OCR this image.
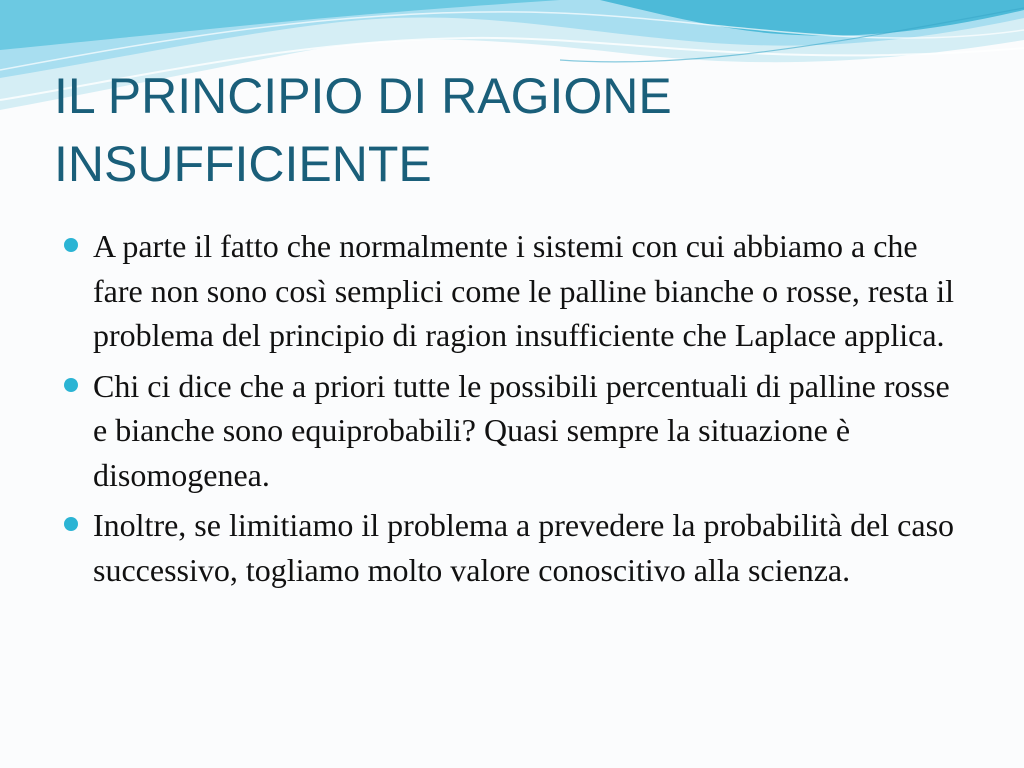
IL PRINCIPIO DI RAGIONE INSUFFICIENTE
A parte il fatto che normalmente i sistemi con cui abbiamo a che fare non sono così semplici come le palline bianche o rosse, resta il problema del principio di ragion insufficiente che Laplace applica.
Chi ci dice che a priori tutte le possibili percentuali di palline rosse e bianche sono equiprobabili? Quasi sempre la situazione è disomogenea.
Inoltre, se limitiamo il problema a prevedere la probabilità del caso successivo, togliamo molto valore conoscitivo alla scienza.
